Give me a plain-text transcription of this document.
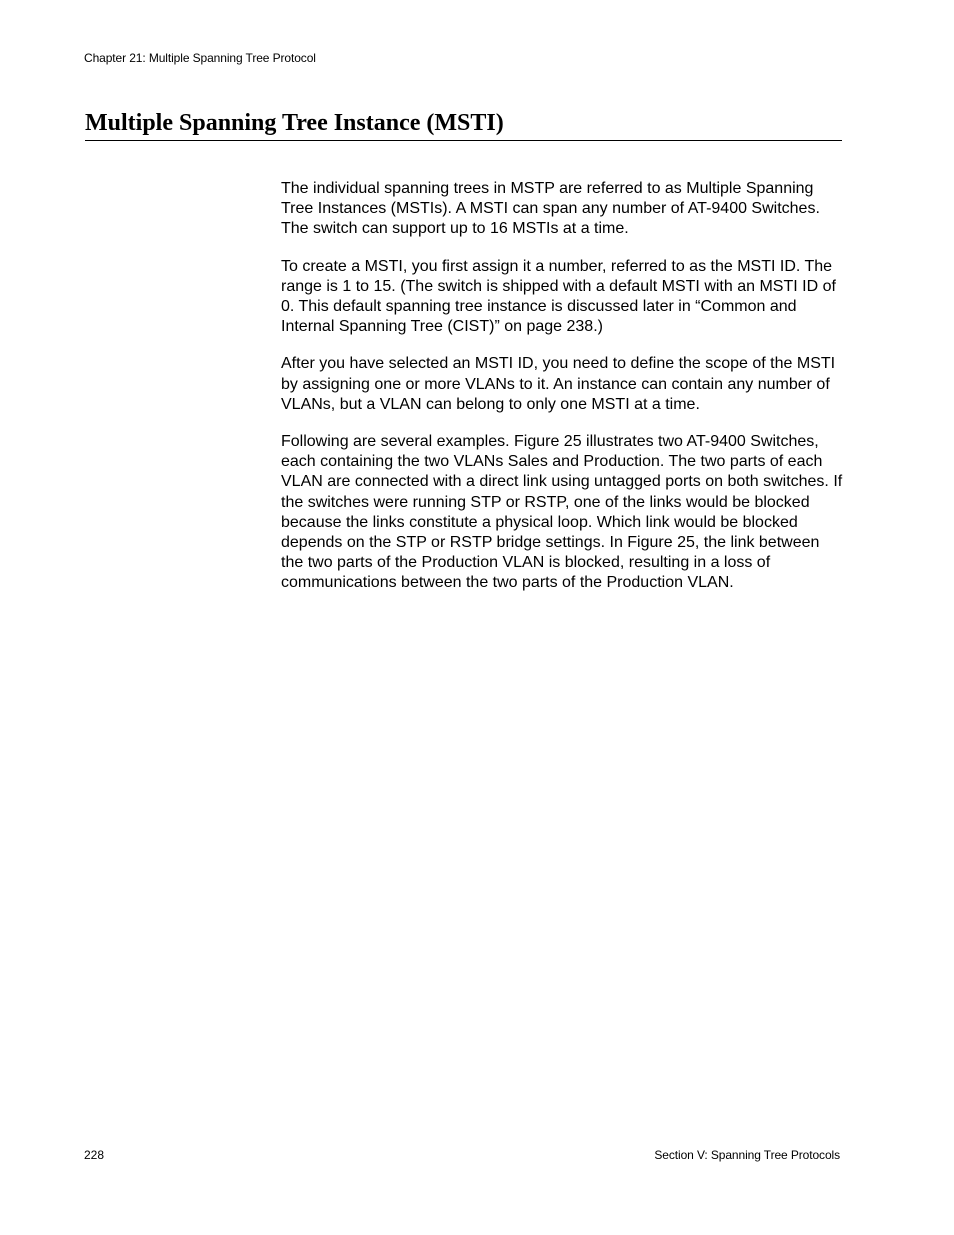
Chapter 21: Multiple Spanning Tree Protocol
Multiple Spanning Tree Instance (MSTI)

The individual spanning trees in MSTP are referred to as Multiple Spanning Tree Instances (MSTIs). A MSTI can span any number of AT-9400 Switches. The switch can support up to 16 MSTIs at a time.

To create a MSTI, you first assign it a number, referred to as the MSTI ID. The range is 1 to 15. (The switch is shipped with a default MSTI with an MSTI ID of 0. This default spanning tree instance is discussed later in “Common and Internal Spanning Tree (CIST)” on page 238.)

After you have selected an MSTI ID, you need to define the scope of the MSTI by assigning one or more VLANs to it. An instance can contain any number of VLANs, but a VLAN can belong to only one MSTI at a time.

Following are several examples. Figure 25 illustrates two AT-9400 Switches, each containing the two VLANs Sales and Production. The two parts of each VLAN are connected with a direct link using untagged ports on both switches. If the switches were running STP or RSTP, one of the links would be blocked because the links constitute a physical loop. Which link would be blocked depends on the STP or RSTP bridge settings. In Figure 25, the link between the two parts of the Production VLAN is blocked, resulting in a loss of communications between the two parts of the Production VLAN.

228	Section V: Spanning Tree Protocols
